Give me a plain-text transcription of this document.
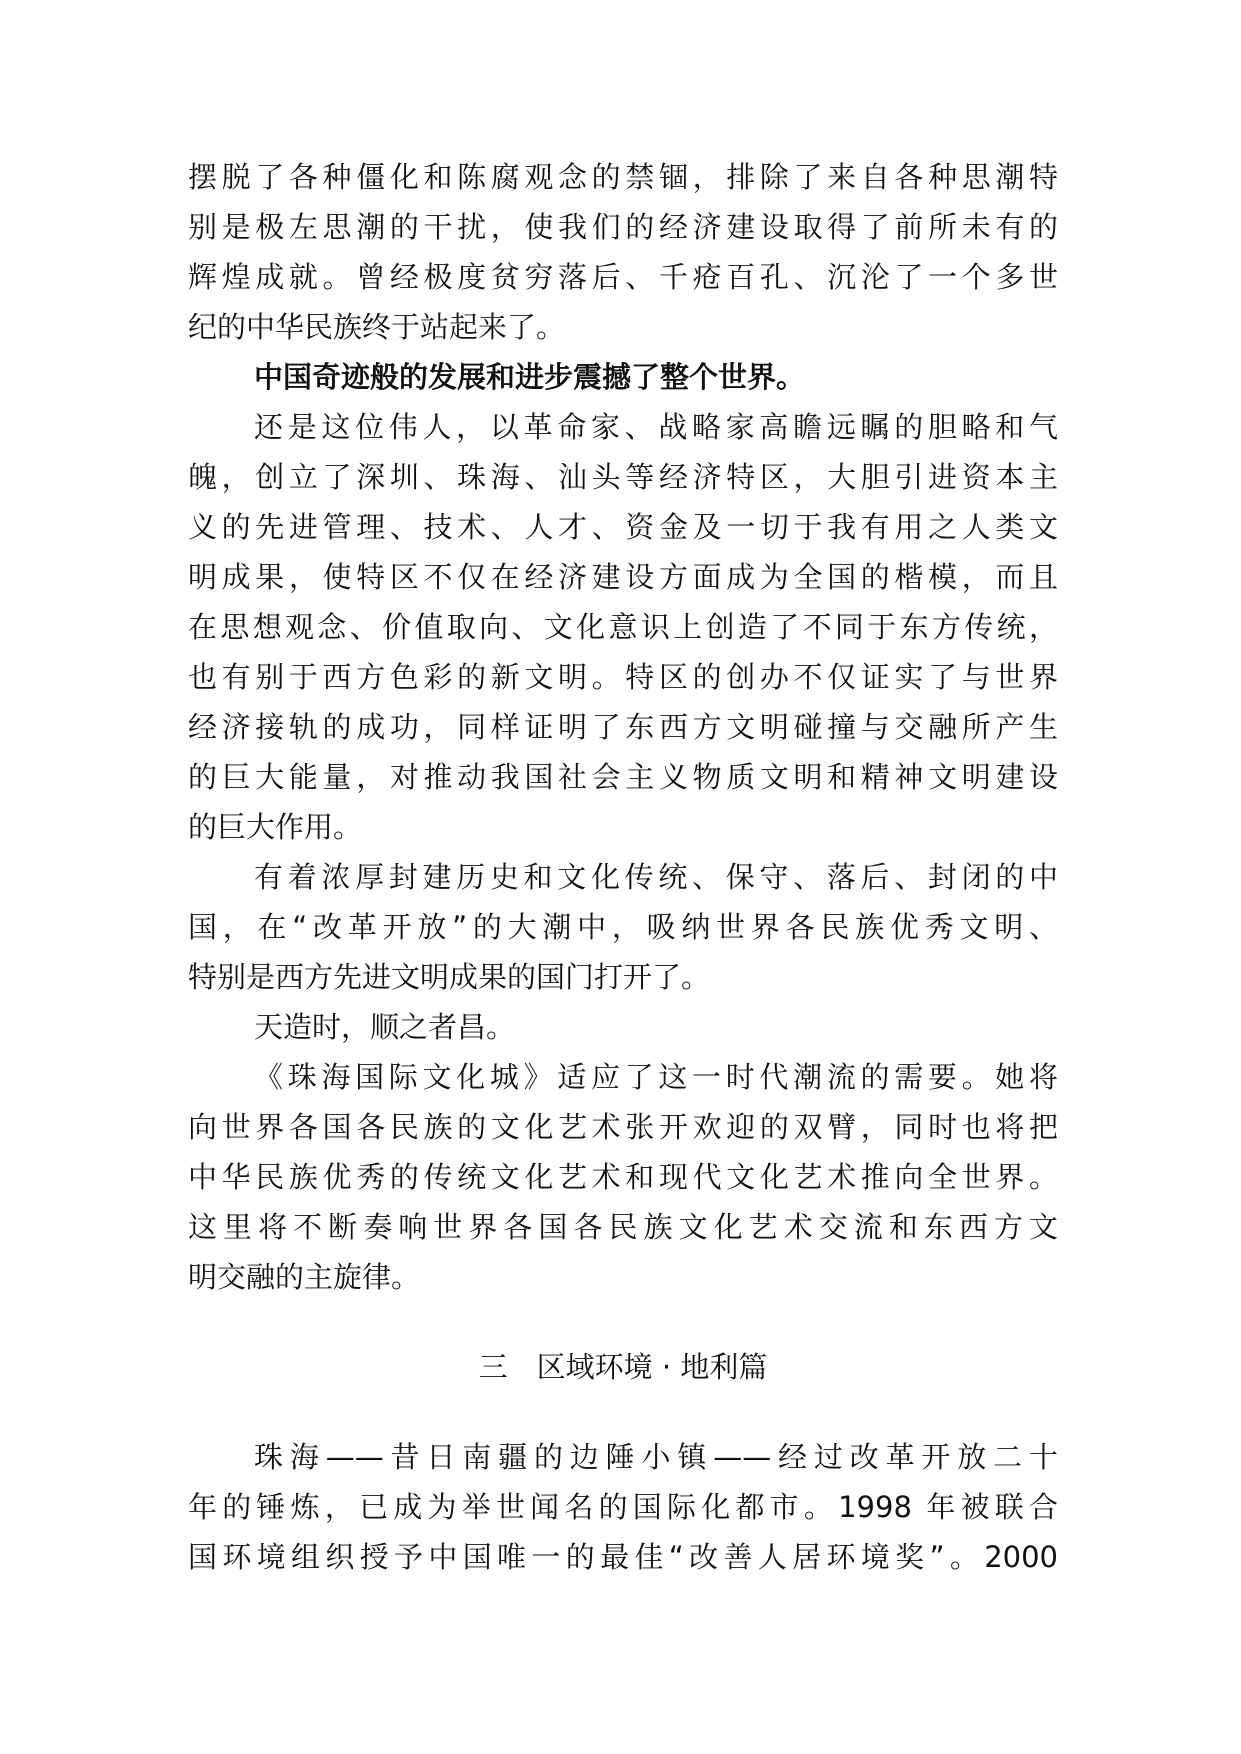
摆脱了各种僵化和陈腐观念的禁锢，排除了来自各种思潮特
别是极左思潮的干扰，使我们的经济建设取得了前所未有的
辉煌成就。曾经极度贫穷落后、千疮百孔、沉沦了一个多世
纪的中华民族终于站起来了。
中国奇迹般的发展和进步震撼了整个世界。
还是这位伟人，以革命家、战略家高瞻远瞩的胆略和气
魄，创立了深圳、珠海、汕头等经济特区，大胆引进资本主
义的先进管理、技术、人才、资金及一切于我有用之人类文
明成果，使特区不仅在经济建设方面成为全国的楷模，而且
在思想观念、价值取向、文化意识上创造了不同于东方传统，
也有别于西方色彩的新文明。特区的创办不仅证实了与世界
经济接轨的成功，同样证明了东西方文明碰撞与交融所产生
的巨大能量，对推动我国社会主义物质文明和精神文明建设
的巨大作用。
有着浓厚封建历史和文化传统、保守、落后、封闭的中
国，在“改革开放”的大潮中，吸纳世界各民族优秀文明、
特别是西方先进文明成果的国门打开了。
天造时，顺之者昌。
《珠海国际文化城》适应了这一时代潮流的需要。她将
向世界各国各民族的文化艺术张开欢迎的双臂，同时也将把
中华民族优秀的传统文化艺术和现代文化艺术推向全世界。
这里将不断奏响世界各国各民族文化艺术交流和东西方文
明交融的主旋律。
三　区域环境 · 地利篇
珠海——昔日南疆的边陲小镇——经过改革开放二十
年的锤炼，已成为举世闻名的国际化都市。1998 年被联合
国环境组织授予中国唯一的最佳“改善人居环境奖”。2000
